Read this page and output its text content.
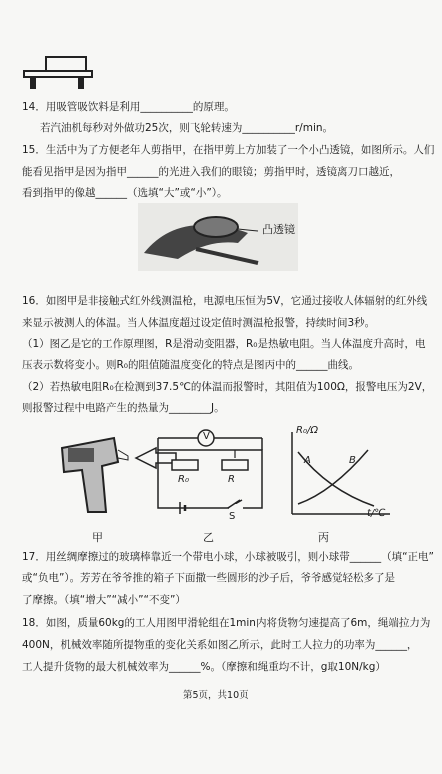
14．用吸管吸饮料是利用__________的原理。
若汽油机每秒对外做功25次，则飞轮转速为__________r/min。
15．生活中为了方便老年人剪指甲，在指甲剪上方加装了一个小凸透镜，如图所示。人们
能看见指甲是因为指甲______的光进入我们的眼镜；剪指甲时，透镜离刀口越近，
看到指甲的像越______（选填“大”或“小”）。
凸透镜
16．如图甲是非接触式红外线测温枪，电源电压恒为5V，它通过接收人体辐射的红外线
来显示被测人的体温。当人体温度超过设定值时测温枪报警，持续时间3秒。
（1）图乙是它的工作原理图，R是滑动变阻器，R₀是热敏电阻。当人体温度升高时，电
压表示数将变小。则R₀的阻值随温度变化的特点是图丙中的______曲线。
（2）若热敏电阻R₀在检测到37.5℃的体温而报警时，其阻值为100Ω，报警电压为2V，
则报警过程中电路产生的热量为________J。
V
R₀	R
S
R₀/Ω
t/℃
A	B
甲	乙	丙
17．用丝绸摩擦过的玻璃棒靠近一个带电小球，小球被吸引，则小球带______（填“正电”
或“负电”）。 芳芳在爷爷推的箱子下面撒一些圆形的沙子后，爷爷感觉轻松多了是
了摩擦。（填“增大”“减小”“不变”）
18．如图，质量60kg的工人用图甲滑轮组在1min内将货物匀速提高了6m，绳端拉力为
400N，机械效率随所提物重的变化关系如图乙所示，此时工人拉力的功率为______，
工人提升货物的最大机械效率为______%。（摩擦和绳重均不计，g取10N/kg）
第5页，共10页
